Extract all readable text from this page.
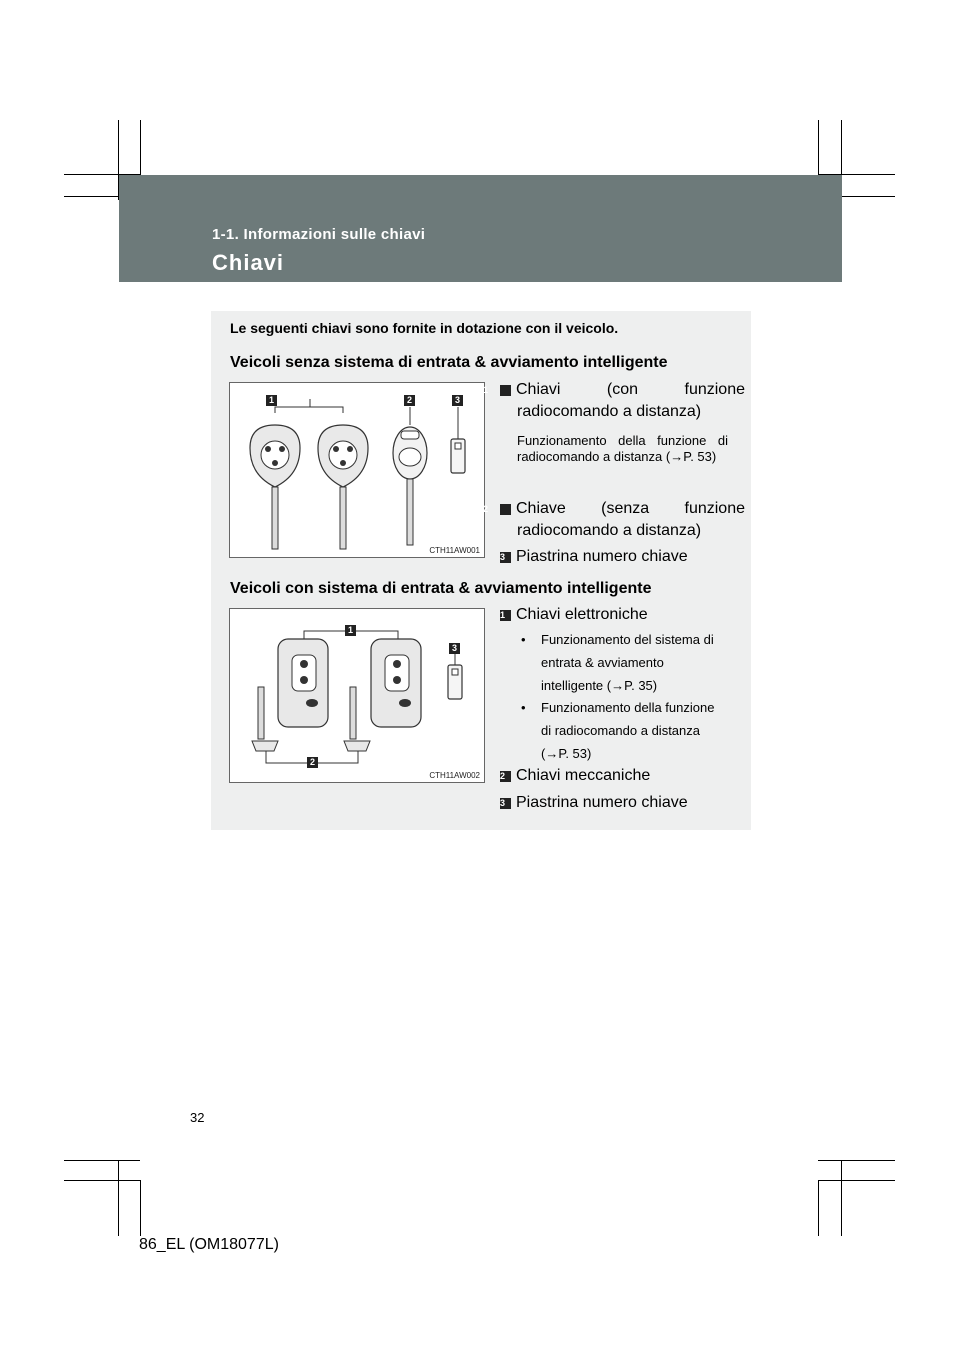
1-1. Informazioni sulle chiavi
Chiavi
Le seguenti chiavi sono fornite in dotazione con il veicolo.
Veicoli senza sistema di entrata & avviamento intelligente
1	2	3
CTH11AW001
1 Chiavi (con funzione radiocomando a distanza)
Funzionamento della funzione di radiocomando a distanza (→P. 53)
2 Chiave (senza funzione radiocomando a distanza)
3 Piastrina numero chiave
Veicoli con sistema di entrata & avviamento intelligente
1
3
2
CTH11AW002
1 Chiavi elettroniche
• Funzionamento del sistema di entrata & avviamento intelligente (→P. 35)
• Funzionamento della funzione di radiocomando a distanza (→P. 53)
2 Chiavi meccaniche
3 Piastrina numero chiave
32
86_EL (OM18077L)
